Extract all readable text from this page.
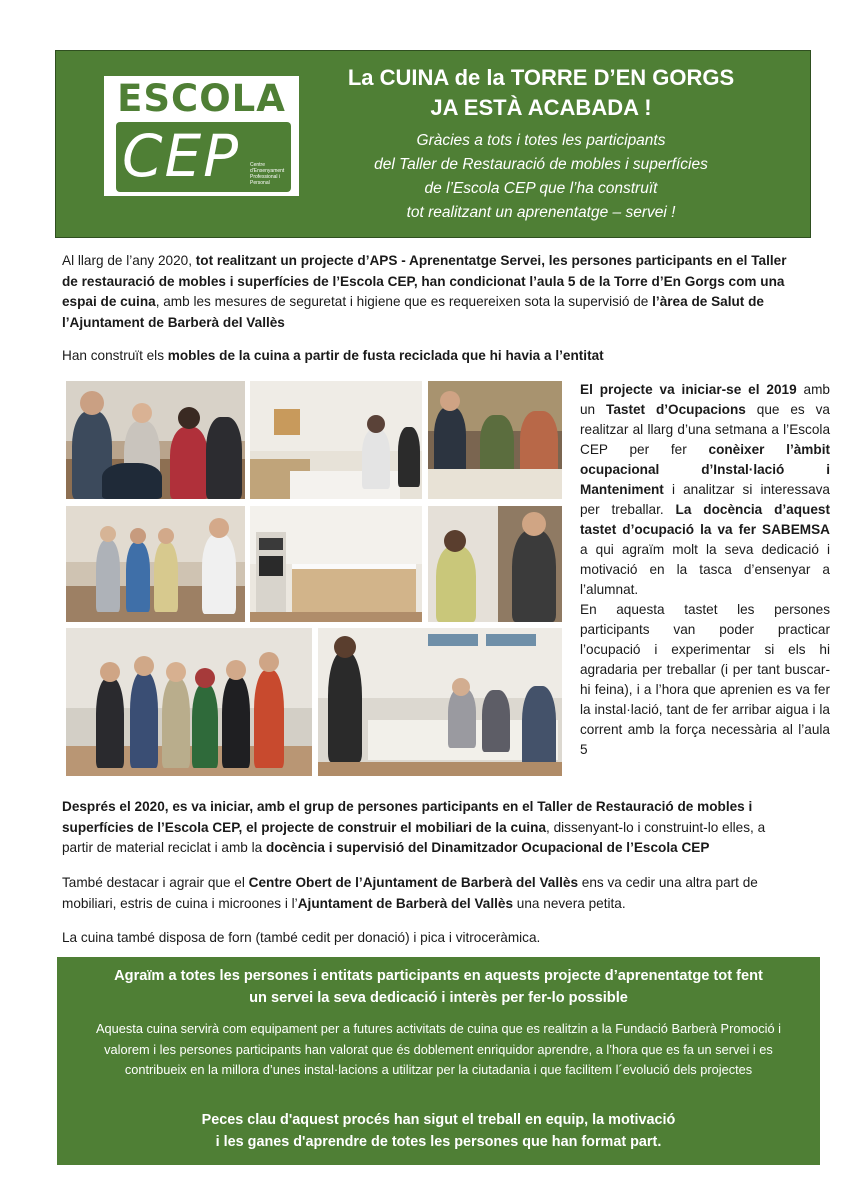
ESCOLA
CEP Centre d'Ensenyament Professional i Personal
La CUINA de la TORRE D’EN GORGS
JA ESTÀ ACABADA !
Gràcies a tots i totes les participants
del Taller de Restauració de mobles i superfícies
de l’Escola CEP que l’ha construït
tot realitzant un aprenentatge – servei !

Al llarg de l’any 2020, tot realitzant un projecte d’APS - Aprenentatge Servei, les persones participants en el Taller de restauració de mobles i superfícies de l’Escola CEP, han condicionat l’aula 5 de la Torre d’En Gorgs com una espai de cuina, amb les mesures de seguretat i higiene que es requereixen sota la supervisió de l’àrea de Salut de l’Ajuntament de Barberà del Vallès

Han construït els mobles de la cuina a partir de fusta reciclada que hi havia a l’entitat

El projecte va iniciar-se el 2019 amb un Tastet d’Ocupacions que es va realitzar al llarg d’una setmana a l’Escola CEP per fer conèixer l’àmbit ocupacional d’Instal·lació i Manteniment i analitzar si interessava per treballar. La docència d’aquest tastet d’ocupació la va fer SABEMSA a qui agraïm molt la seva dedicació i motivació en la tasca d’ensenyar a l’alumnat.
En aquesta tastet les persones participants van poder practicar l’ocupació i experimentar si els hi agradaria per treballar (i per tant buscar-hi feina), i a l’hora que aprenien es va fer la instal·lació, tant de fer arribar aigua i la corrent amb la força necessària al l’aula 5

Després el 2020, es va iniciar, amb el grup de persones participants en el Taller de Restauració de mobles i superfícies de l’Escola CEP, el projecte de construir el mobiliari de la cuina, dissenyant-lo i construint-lo elles, a partir de material reciclat i amb la docència i supervisió del Dinamitzador Ocupacional de l’Escola CEP

També destacar i agrair que el Centre Obert de l’Ajuntament de Barberà del Vallès ens va cedir una altra part de mobiliari, estris de cuina i microones i l’Ajuntament de Barberà del Vallès una nevera petita.

La cuina també disposa de forn (també cedit per donació) i pica i vitroceràmica.

Agraïm a totes les persones i entitats participants en aquests projecte d’aprenentatge tot fent
un servei la seva dedicació i interès per fer-lo possible
Aquesta cuina servirà com equipament per a futures activitats de cuina que es realitzin a la Fundació Barberà Promoció i valorem i les persones participants han valorat que és doblement enriquidor aprendre, a l’hora que es fa un servei i es contribueix en la millora d’unes instal·lacions a utilitzar per la ciutadania i que facilitem l´evolució dels projectes
Peces clau d'aquest procés han sigut el treball en equip, la motivació
i les ganes d'aprendre de totes les persones que han format part.
